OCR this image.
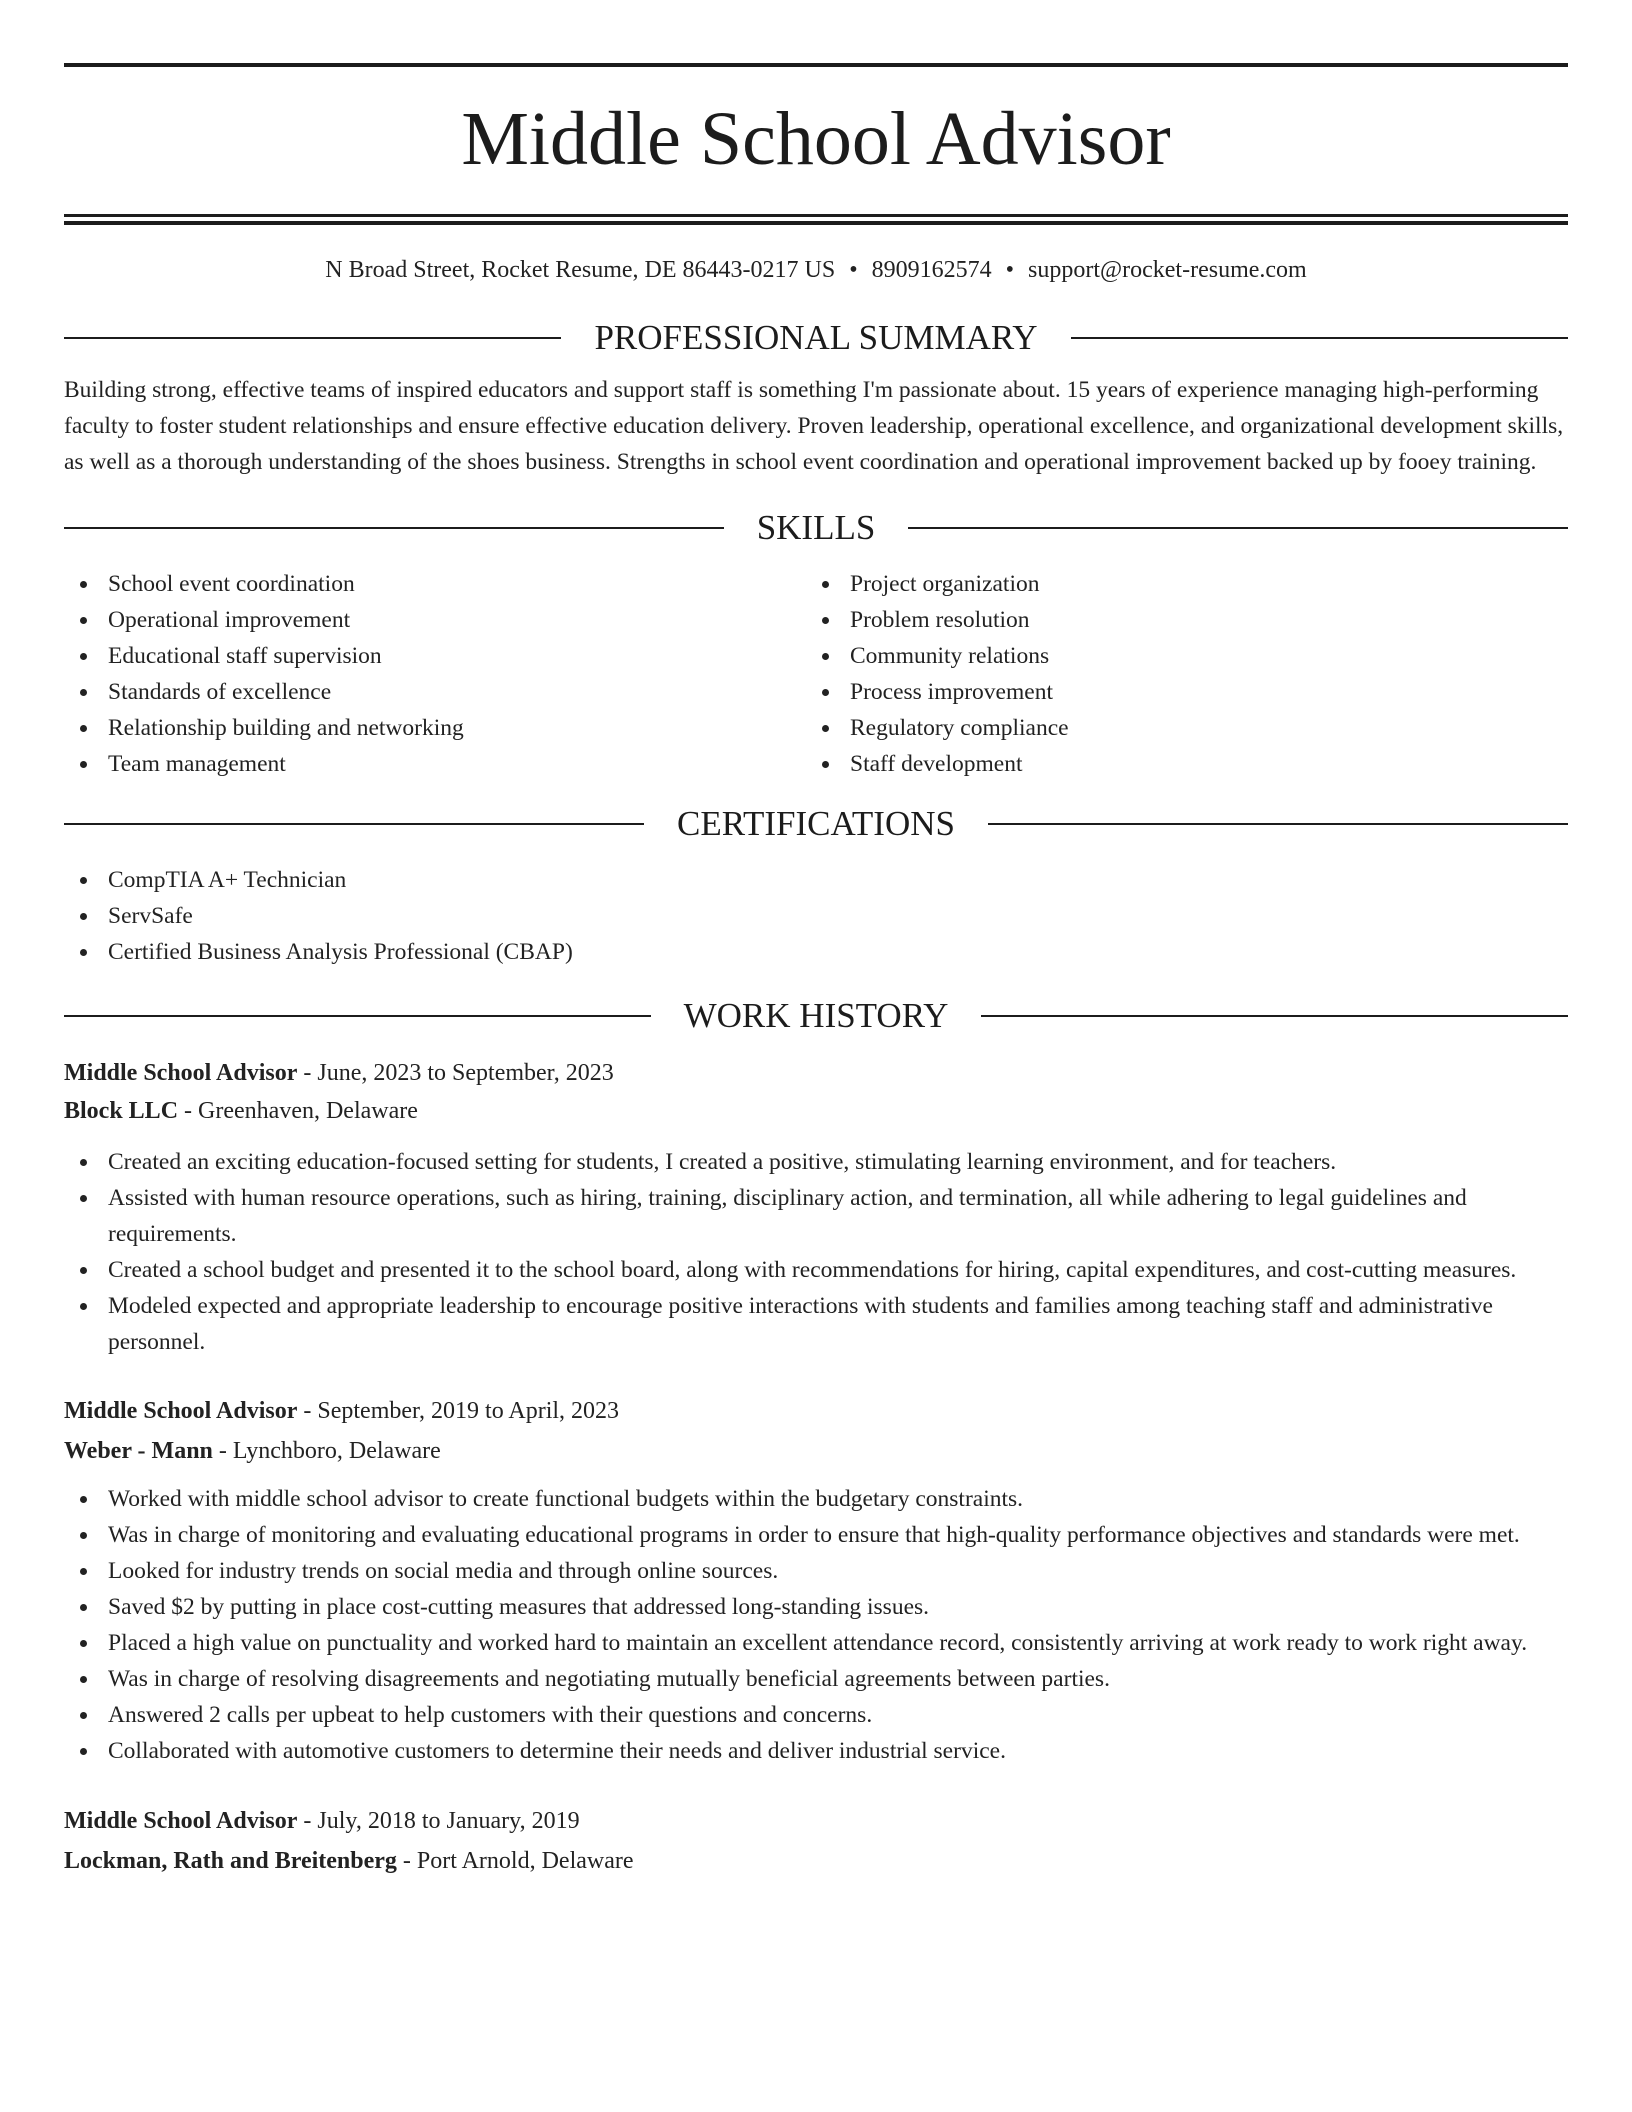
Middle School Advisor
N Broad Street, Rocket Resume, DE 86443-0217 US • 8909162574 • support@rocket-resume.com
PROFESSIONAL SUMMARY

Building strong, effective teams of inspired educators and support staff is something I'm passionate about. 15 years of experience managing high-performing faculty to foster student relationships and ensure effective education delivery. Proven leadership, operational excellence, and organizational development skills, as well as a thorough understanding of the shoes business. Strengths in school event coordination and operational improvement backed up by fooey training.

SKILLS
School event coordination
Operational improvement
Educational staff supervision
Standards of excellence
Relationship building and networking
Team management
Project organization
Problem resolution
Community relations
Process improvement
Regulatory compliance
Staff development
CERTIFICATIONS
CompTIA A+ Technician
ServSafe
Certified Business Analysis Professional (CBAP)
WORK HISTORY
Middle School Advisor - June, 2023 to September, 2023
Block LLC - Greenhaven, Delaware
Created an exciting education-focused setting for students, I created a positive, stimulating learning environment, and for teachers.
Assisted with human resource operations, such as hiring, training, disciplinary action, and termination, all while adhering to legal guidelines and requirements.
Created a school budget and presented it to the school board, along with recommendations for hiring, capital expenditures, and cost-cutting measures.
Modeled expected and appropriate leadership to encourage positive interactions with students and families among teaching staff and administrative personnel.
Middle School Advisor - September, 2019 to April, 2023
Weber - Mann - Lynchboro, Delaware
Worked with middle school advisor to create functional budgets within the budgetary constraints.
Was in charge of monitoring and evaluating educational programs in order to ensure that high-quality performance objectives and standards were met.
Looked for industry trends on social media and through online sources.
Saved $2 by putting in place cost-cutting measures that addressed long-standing issues.
Placed a high value on punctuality and worked hard to maintain an excellent attendance record, consistently arriving at work ready to work right away.
Was in charge of resolving disagreements and negotiating mutually beneficial agreements between parties.
Answered 2 calls per upbeat to help customers with their questions and concerns.
Collaborated with automotive customers to determine their needs and deliver industrial service.
Middle School Advisor - July, 2018 to January, 2019
Lockman, Rath and Breitenberg - Port Arnold, Delaware
